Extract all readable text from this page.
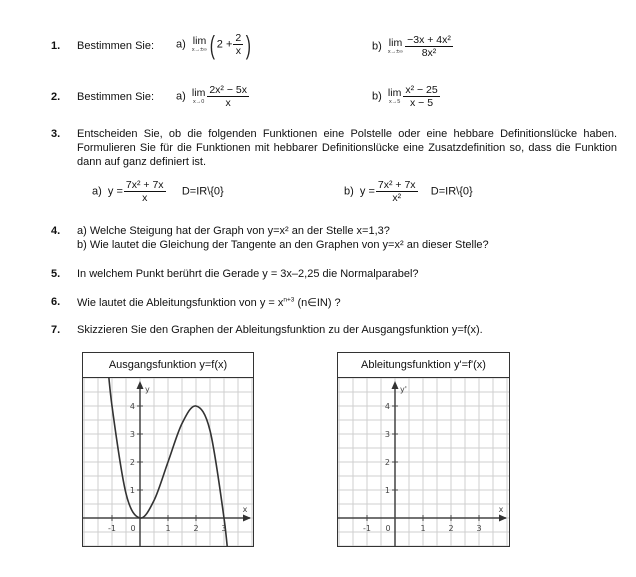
1. Bestimmen Sie: a) lim
x→±∞ ( $2 + \frac{2}{x}$ )	b) lim
$x\to\pm\infty \frac{\text{−3x + 4x²}}{\text{8x²}}$
2. Bestimmen Sie: a) lim
$x\to 0 \frac{\text{2x² − 5x}}{x}$	b) lim
$x\to 5 \frac{\text{x² − 25}}{x - 5}$
3. Entscheiden Sie, ob die folgenden Funktionen eine Polstelle oder eine hebbare Definitionslücke haben. Formulieren Sie für die Funktionen mit hebbarer Definitionslücke eine Zusatzdefinition so, dass die Funktion dann auf ganz definiert ist.
a) $y = \frac{\text{7x² + 7x}}{x}$ D=IR\{0}	b) $y = \frac{\text{7x² + 7x}}{\text{x²}}$ D=IR\{0}
4. a) Welche Steigung hat der Graph von y=x² an der Stelle x=1,3?
b) Wie lautet die Gleichung der Tangente an den Graphen von y=x² an dieser Stelle?
5. In welchem Punkt berührt die Gerade y = 3x–2,25 die Normalparabel?
6. Wie lautet die Ableitungsfunktion von $y = x^{n+3}$ (n∈IN) ?
7. Skizzieren Sie den Graphen der Ableitungsfunktion zu der Ausgangsfunktion y=f(x).
Ausgangsfunktion y=f(x)
x
y
-1 0	1	2	3
1
2
3
4
Ableitungsfunktion y'=f'(x)
x
y'
-1 0	1	2	3
1
2
3
4
